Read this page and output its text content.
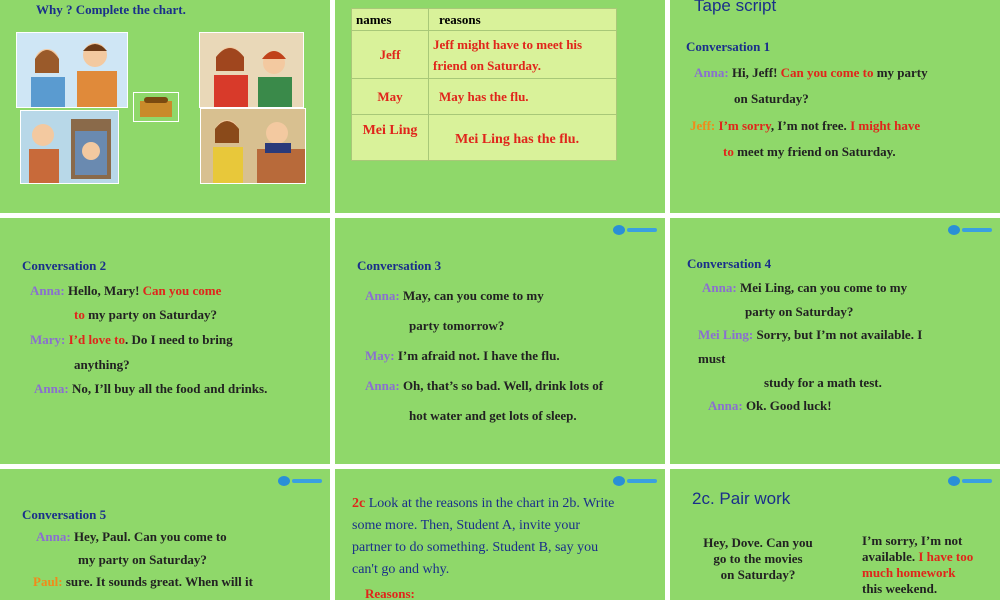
Why ? Complete the chart.
names	reasons
Jeff	Jeff might have to meet his
friend on Saturday.
May	May has the flu.
Mei Ling	Mei Ling has the flu.
Tape script
Conversation 1
Anna: Hi, Jeff! Can you come to my party
on Saturday?
Jeff: I’m sorry, I’m not free. I might have
to meet my friend on Saturday.
Conversation 2
Anna: Hello, Mary! Can you come
to my party on Saturday?
Mary: I’d love to. Do I need to bring
anything?
Anna: No, I’ll buy all the food and drinks.
Conversation 3
Anna: May, can you come to my
party tomorrow?
May: I’m afraid not. I have the flu.
Anna: Oh, that’s so bad. Well, drink lots of
hot water and get lots of sleep.
Conversation 4
Anna: Mei Ling, can you come to my
party on Saturday?
Mei Ling: Sorry, but I’m not available. I
must
study for a math test.
Anna: Ok. Good luck!
Conversation 5
Anna: Hey, Paul. Can you come to
my party on Saturday?
Paul: sure. It sounds great. When will it
2c Look at the reasons in the chart in 2b. Write
some more. Then, Student A, invite your
partner to do something. Student B, say you
can't go and why.
Reasons:
2c. Pair work
Hey, Dove. Can you
go to the movies
on Saturday?
I’m sorry, I’m not
available. I have too
much homework
this weekend.
